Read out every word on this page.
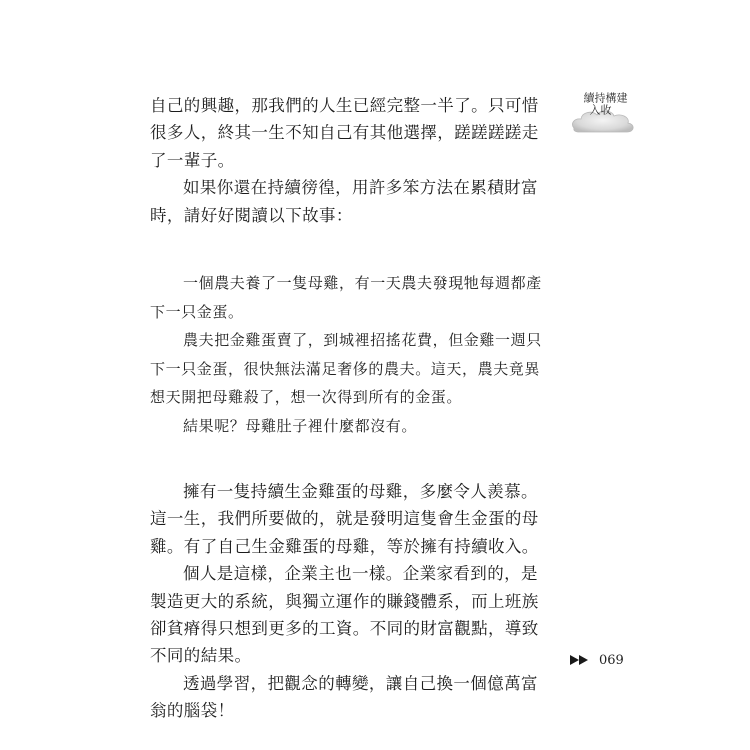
建構持續
收入

自己的興趣，那我們的人生已經完整一半了。只可惜很多人，終其一生不知自己有其他選擇，蹉蹉蹉蹉走了一輩子。

如果你還在持續徬徨，用許多笨方法在累積財富時，請好好閱讀以下故事：

一個農夫養了一隻母雞，有一天農夫發現牠每週都產下一只金蛋。

農夫把金雞蛋賣了，到城裡招搖花費，但金雞一週只下一只金蛋，很快無法滿足奢侈的農夫。這天，農夫竟異想天開把母雞殺了，想一次得到所有的金蛋。

結果呢？母雞肚子裡什麼都沒有。

擁有一隻持續生金雞蛋的母雞，多麼令人羨慕。這一生，我們所要做的，就是發明這隻會生金蛋的母雞。有了自己生金雞蛋的母雞，等於擁有持續收入。

個人是這樣，企業主也一樣。企業家看到的，是製造更大的系統，與獨立運作的賺錢體系，而上班族卻貧瘠得只想到更多的工資。不同的財富觀點，導致不同的結果。

透過學習，把觀念的轉變，讓自己換一個億萬富翁的腦袋！

069
